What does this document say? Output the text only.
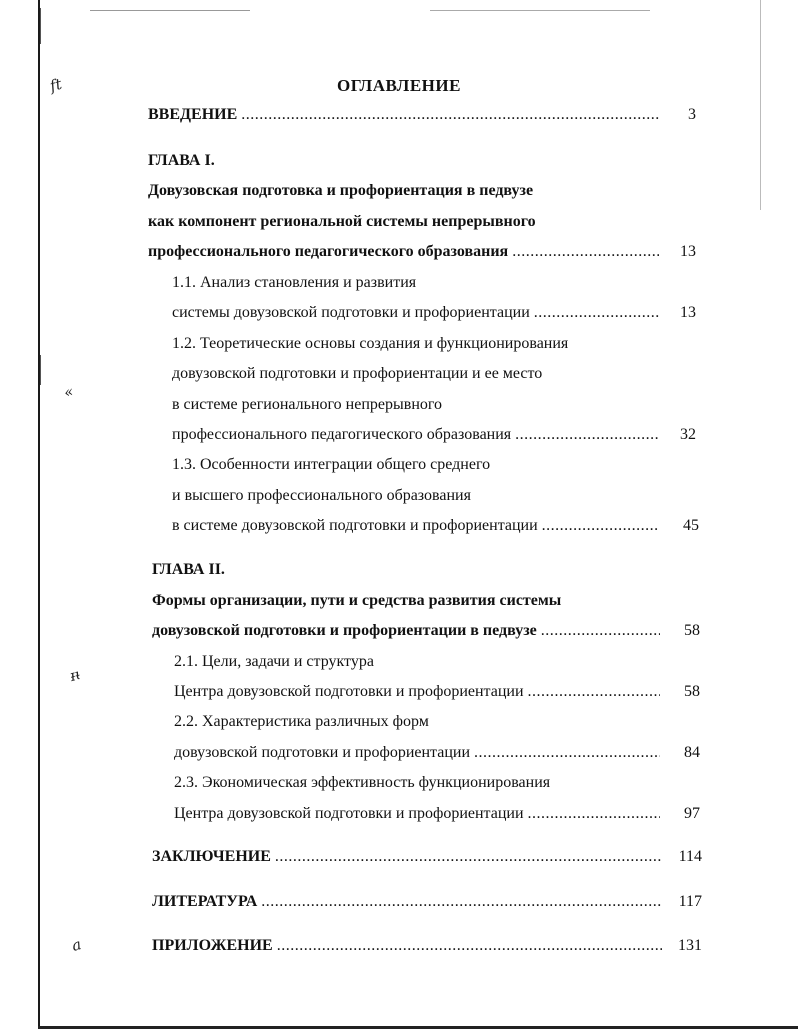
ft
«
ᵻᵼ
a
ОГЛАВЛЕНИЕ
ВВЕДЕНИЕ .....	3
ГЛАВА I.
Довузовская подготовка и профориентация в педвузе
как компонент региональной системы непрерывного
профессионального педагогического образования .....	13
1.1. Анализ становления и развития
системы довузовской подготовки и профориентации .....	13
1.2. Теоретические основы создания и функционирования
довузовской подготовки и профориентации и ее место
в системе регионального непрерывного
профессионального педагогического образования .....	32
1.3. Особенности интеграции общего среднего
и высшего профессионального образования
в системе довузовской подготовки и профориентации .....	45
ГЛАВА II.
Формы организации, пути и средства развития системы
довузовской подготовки и профориентации в педвузе .....	58
2.1. Цели, задачи и структура
Центра довузовской подготовки и профориентации .....	58
2.2. Характеристика различных форм
довузовской подготовки и профориентации .....	84
2.3. Экономическая эффективность функционирования
Центра довузовской подготовки и профориентации .....	97
ЗАКЛЮЧЕНИЕ .....	114
ЛИТЕРАТУРА .....	117
ПРИЛОЖЕНИЕ .....	131
